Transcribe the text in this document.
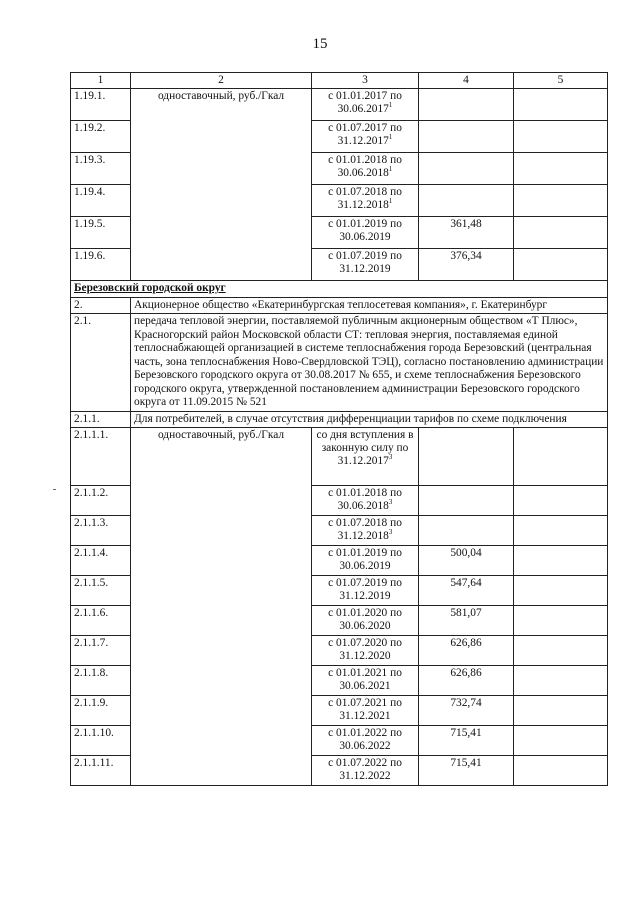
15
1	2	3	4	5
1.19.1.	одноставочный, руб./Гкал	с 01.01.2017 по 30.06.2017$^1$		
1.19.2.		с 01.07.2017 по 31.12.2017$^1$		
1.19.3.		с 01.01.2018 по 30.06.2018$^1$		
1.19.4.		с 01.07.2018 по 31.12.2018$^1$		
1.19.5.		с 01.01.2019 по 30.06.2019	361,48	
1.19.6.		с 01.07.2019 по 31.12.2019	376,34	
Березовский городской округ				
2.	Акционерное общество «Екатеринбургская теплосетевая компания», г. Екатеринбург			
2.1.	передача тепловой энергии, поставляемой публичным акционерным обществом «Т Плюс», Красногорский район Московской области СТ: тепловая энергия, поставляемая единой теплоснабжающей организацией в системе теплоснабжения города Березовский (центральная часть, зона теплоснабжения Ново-Свердловской ТЭЦ), согласно постановлению администрации Березовского городского округа от 30.08.2017 № 655, и схеме теплоснабжения Березовского городского округа, утвержденной постановлением администрации Березовского городского округа от 11.09.2015 № 521			
2.1.1.	Для потребителей, в случае отсутствия дифференциации тарифов по схеме подключения			
2.1.1.1.	одноставочный, руб./Гкал	со дня вступления в законную силу по 31.12.2017$^3$		
2.1.1.2.		с 01.01.2018 по 30.06.2018$^3$		
2.1.1.3.		с 01.07.2018 по 31.12.2018$^3$		
2.1.1.4.		с 01.01.2019 по 30.06.2019	500,04	
2.1.1.5.		с 01.07.2019 по 31.12.2019	547,64	
2.1.1.6.		с 01.01.2020 по 30.06.2020	581,07	
2.1.1.7.		с 01.07.2020 по 31.12.2020	626,86	
2.1.1.8.		с 01.01.2021 по 30.06.2021	626,86	
2.1.1.9.		с 01.07.2021 по 31.12.2021	732,74	
2.1.1.10.		с 01.01.2022 по 30.06.2022	715,41	
2.1.1.11.		с 01.07.2022 по 31.12.2022	715,41	
